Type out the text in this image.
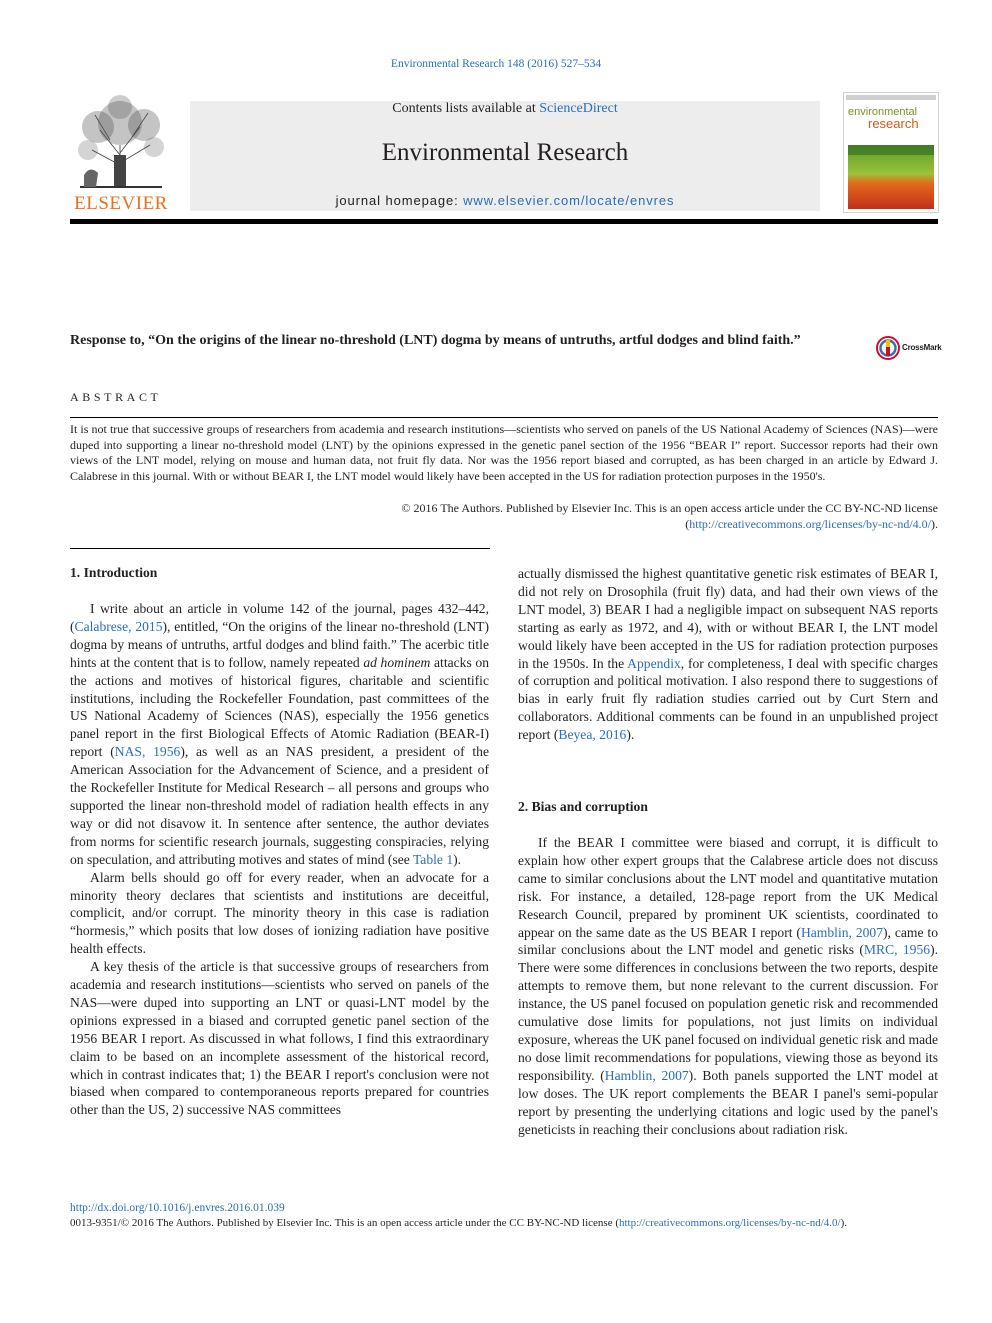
Environmental Research 148 (2016) 527–534
ELSEVIER
Contents lists available at ScienceDirect
Environmental Research
journal homepage: www.elsevier.com/locate/envres
environmental
research
Response to, “On the origins of the linear no-threshold (LNT) dogma by means of untruths, artful dodges and blind faith.”	CrossMark
ABSTRACT
It is not true that successive groups of researchers from academia and research institutions—scientists who served on panels of the US National Academy of Sciences (NAS)—were duped into supporting a linear no-threshold model (LNT) by the opinions expressed in the genetic panel section of the 1956 “BEAR I” report. Successor reports had their own views of the LNT model, relying on mouse and human data, not fruit fly data. Nor was the 1956 report biased and corrupted, as has been charged in an article by Edward J. Calabrese in this journal. With or without BEAR I, the LNT model would likely have been accepted in the US for radiation protection purposes in the 1950's.
© 2016 The Authors. Published by Elsevier Inc. This is an open access article under the CC BY-NC-ND license
(http://creativecommons.org/licenses/by-nc-nd/4.0/).
1. Introduction

I write about an article in volume 142 of the journal, pages 432–442, (Calabrese, 2015), entitled, “On the origins of the linear no-threshold (LNT) dogma by means of untruths, artful dodges and blind faith.” The acerbic title hints at the content that is to follow, namely repeated ad hominem attacks on the actions and motives of historical figures, charitable and scientific institutions, including the Rockefeller Foundation, past committees of the US National Academy of Sciences (NAS), especially the 1956 genetics panel report in the first Biological Effects of Atomic Radiation (BEAR-I) report (NAS, 1956), as well as an NAS president, a president of the American Association for the Advancement of Science, and a president of the Rockefeller Institute for Medical Research – all persons and groups who supported the linear non-threshold model of radiation health effects in any way or did not disavow it. In sentence after sentence, the author deviates from norms for scientific research journals, suggesting conspiracies, relying on speculation, and attributing motives and states of mind (see Table 1).

Alarm bells should go off for every reader, when an advocate for a minority theory declares that scientists and institutions are deceitful, complicit, and/or corrupt. The minority theory in this case is radiation “hormesis,” which posits that low doses of ionizing radiation have positive health effects.

A key thesis of the article is that successive groups of researchers from academia and research institutions—scientists who served on panels of the NAS—were duped into supporting an LNT or quasi-LNT model by the opinions expressed in a biased and corrupted genetic panel section of the 1956 BEAR I report. As discussed in what follows, I find this extraordinary claim to be based on an incomplete assessment of the historical record, which in contrast indicates that; 1) the BEAR I report's conclusion were not biased when compared to contemporaneous reports prepared for countries other than the US, 2) successive NAS committees

actually dismissed the highest quantitative genetic risk estimates of BEAR I, did not rely on Drosophila (fruit fly) data, and had their own views of the LNT model, 3) BEAR I had a negligible impact on subsequent NAS reports starting as early as 1972, and 4), with or without BEAR I, the LNT model would likely have been accepted in the US for radiation protection purposes in the 1950s. In the Appendix, for completeness, I deal with specific charges of corruption and political motivation. I also respond there to suggestions of bias in early fruit fly radiation studies carried out by Curt Stern and collaborators. Additional comments can be found in an unpublished project report (Beyea, 2016).

2. Bias and corruption

If the BEAR I committee were biased and corrupt, it is difficult to explain how other expert groups that the Calabrese article does not discuss came to similar conclusions about the LNT model and quantitative mutation risk. For instance, a detailed, 128-page report from the UK Medical Research Council, prepared by prominent UK scientists, coordinated to appear on the same date as the US BEAR I report (Hamblin, 2007), came to similar conclusions about the LNT model and genetic risks (MRC, 1956). There were some differences in conclusions between the two reports, despite attempts to remove them, but none relevant to the current discussion. For instance, the US panel focused on population genetic risk and recommended cumulative dose limits for populations, not just limits on individual exposure, whereas the UK panel focused on individual genetic risk and made no dose limit recommendations for populations, viewing those as beyond its responsibility. (Hamblin, 2007). Both panels supported the LNT model at low doses. The UK report complements the BEAR I panel's semi-popular report by presenting the underlying citations and logic used by the panel's geneticists in reaching their conclusions about radiation risk.

http://dx.doi.org/10.1016/j.envres.2016.01.039
0013-9351/© 2016 The Authors. Published by Elsevier Inc. This is an open access article under the CC BY-NC-ND license (http://creativecommons.org/licenses/by-nc-nd/4.0/).
